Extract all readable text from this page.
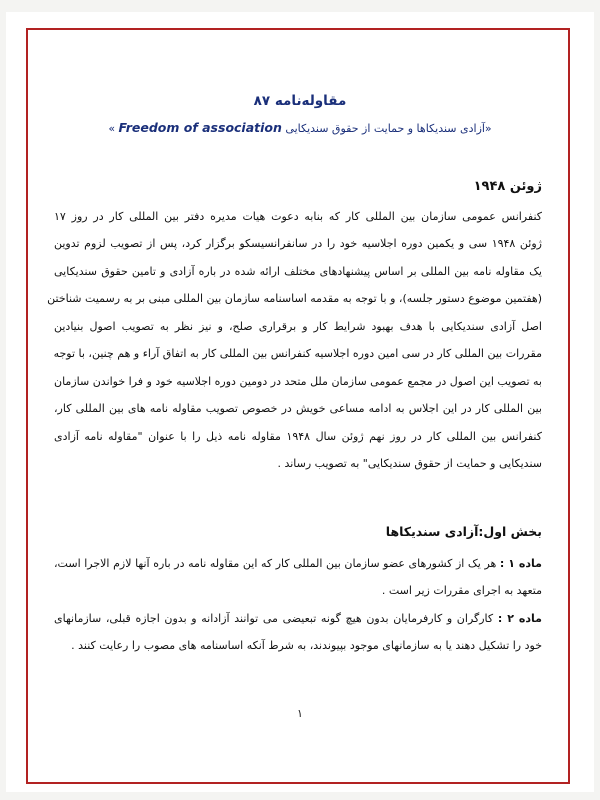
مقاوله‌نامه ۸۷
«آزادی سندیکاها و حمایت از حقوق سندیکایی Freedom of association »
ژوئن ۱۹۴۸
کنفرانس عمومی سازمان بین المللی کار که بنابه دعوت هیات مدیره دفتر بین المللی کار در روز ۱۷
ژوئن ۱۹۴۸ سی و یکمین دوره اجلاسیه خود را در سانفرانسیسکو برگزار کرد، پس از تصویب لزوم تدوین
یک مقاوله نامه بین المللی بر اساس پیشنهادهای مختلف ارائه شده در باره آزادی و تامین حقوق سندیکایی
(هفتمین موضوع دستور جلسه)، و با توجه به مقدمه اساسنامه سازمان بین المللی مبنی بر به رسمیت شناختن
اصل آزادی سندیکایی با هدف بهبود شرایط کار و برقراری صلح، و نیز نظر به تصویب اصول بنیادین
مقررات بین المللی کار در سی امین دوره اجلاسیه کنفرانس بین المللی کار به اتفاق آراء و هم چنین، با توجه
به تصویب این اصول در مجمع عمومی سازمان ملل متحد در دومین دوره اجلاسیه خود و فرا خواندن سازمان
بین المللی کار در این اجلاس به ادامه مساعی خویش در خصوص تصویب مقاوله نامه های بین المللی کار،
کنفرانس بین المللی کار در روز نهم ژوئن سال ۱۹۴۸ مقاوله نامه ذیل را با عنوان "مقاوله نامه آزادی
سندیکایی و حمایت از حقوق سندیکایی" به تصویب رساند .
بخش اول:آزادی سندیکاها
ماده ۱ : هر یک از کشورهای عضو سازمان بین المللی کار که این مقاوله نامه در باره آنها لازم الاجرا است،
متعهد به اجرای مقررات زیر است .
ماده ۲ : کارگران و کارفرمایان بدون هیچ گونه تبعیضی می توانند آزادانه و بدون اجازه قبلی، سازمانهای
خود را تشکیل دهند یا به سازمانهای موجود بپیوندند، به شرط آنکه اساسنامه های مصوب را رعایت کنند .
۱
